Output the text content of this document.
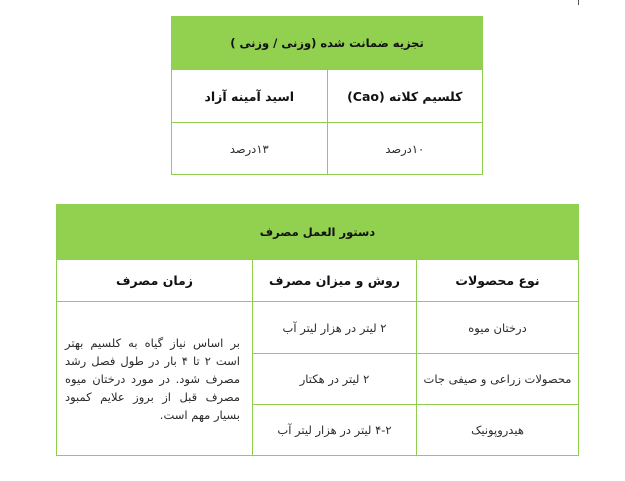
تجزیه ضمانت شده (وزنی / وزنی )	
کلسیم کلاته (Cao)	اسید آمینه آزاد
۱۰درصد	۱۳درصد
دستور العمل مصرف		
نوع محصولات	روش و میزان مصرف	زمان مصرف
درختان میوه	۲ لیتر در هزار لیتر آب	بر اساس نیاز گیاه به کلسیم بهتر است ۲ تا ۴ بار در طول فصل رشد مصرف شود. در مورد درختان میوه مصرف قبل از بروز علایم کمبود بسیار مهم است.
محصولات زراعی و صیفی جات	۲ لیتر در هکتار	
هیدروپونیک	۴-۲ لیتر در هزار لیتر آب	
